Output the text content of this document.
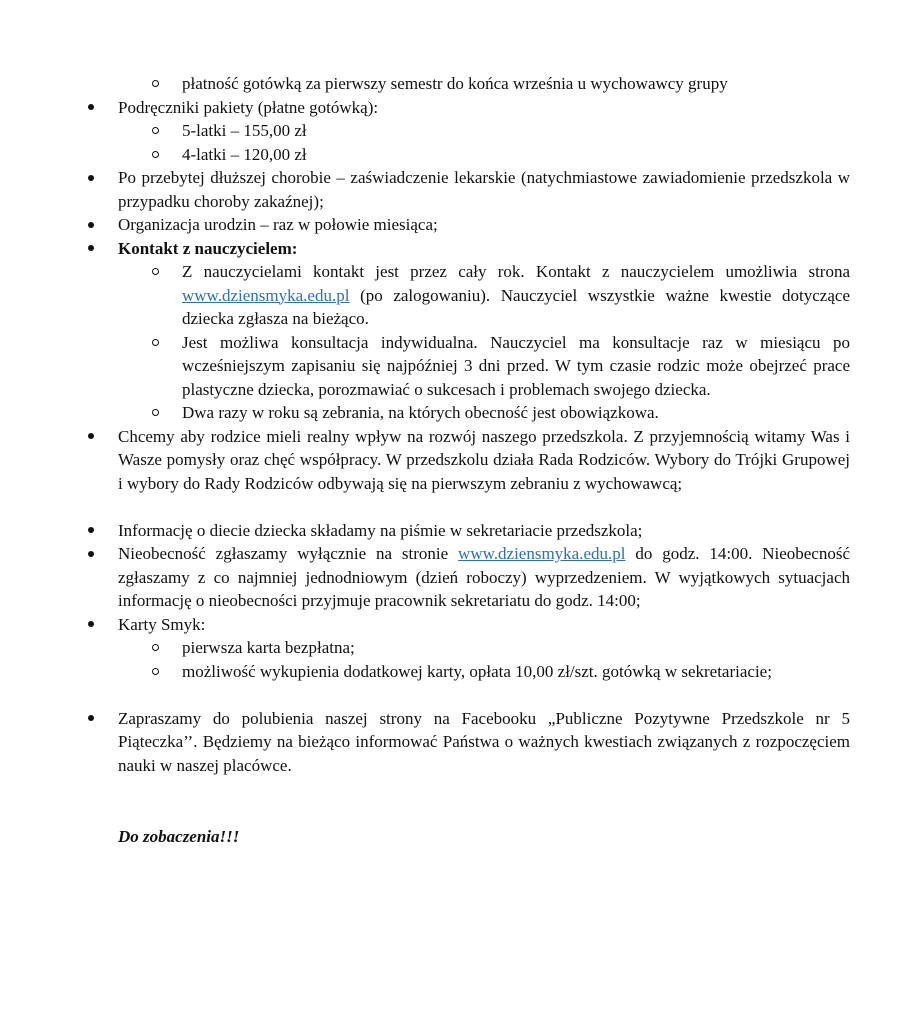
płatność gotówką za pierwszy semestr do końca września u wychowawcy grupy
Podręczniki pakiety (płatne gotówką):
5-latki – 155,00 zł
4-latki – 120,00 zł
Po przebytej dłuższej chorobie – zaświadczenie lekarskie (natychmiastowe zawiadomienie przedszkola w przypadku choroby zakaźnej);
Organizacja urodzin – raz w połowie miesiąca;
Kontakt z nauczycielem:
Z nauczycielami kontakt jest przez cały rok. Kontakt z nauczycielem umożliwia strona www.dziensmyka.edu.pl (po zalogowaniu). Nauczyciel wszystkie ważne kwestie dotyczące dziecka zgłasza na bieżąco.
Jest możliwa konsultacja indywidualna. Nauczyciel ma konsultacje raz w miesiącu po wcześniejszym zapisaniu się najpóźniej 3 dni przed. W tym czasie rodzic może obejrzeć prace plastyczne dziecka, porozmawiać o sukcesach i problemach swojego dziecka.
Dwa razy w roku są zebrania, na których obecność jest obowiązkowa.
Chcemy aby rodzice mieli realny wpływ na rozwój naszego przedszkola. Z przyjemnością witamy Was i Wasze pomysły oraz chęć współpracy. W przedszkolu działa Rada Rodziców. Wybory do Trójki Grupowej i wybory do Rady Rodziców odbywają się na pierwszym zebraniu z wychowawcą;
Informację o diecie dziecka składamy na piśmie w sekretariacie przedszkola;
Nieobecność zgłaszamy wyłącznie na stronie www.dziensmyka.edu.pl do godz. 14:00. Nieobecność zgłaszamy z co najmniej jednodniowym (dzień roboczy) wyprzedzeniem. W wyjątkowych sytuacjach informację o nieobecności przyjmuje pracownik sekretariatu do godz. 14:00;
Karty Smyk:
pierwsza karta bezpłatna;
możliwość wykupienia dodatkowej karty, opłata 10,00 zł/szt. gotówką w sekretariacie;
Zapraszamy do polubienia naszej strony na Facebooku „Publiczne Pozytywne Przedszkole nr 5 Piąteczka’’. Będziemy na bieżąco informować Państwa o ważnych kwestiach związanych z rozpoczęciem nauki w naszej placówce.
Do zobaczenia!!!
